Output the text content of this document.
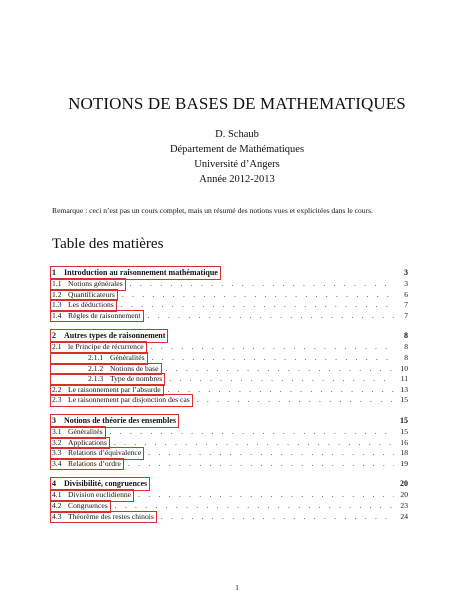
NOTIONS DE BASES DE MATHEMATIQUES
D. Schaub
Département de Mathématiques
Université d’Angers
Année 2012-2013
Remarque : ceci n’est pas un cours complet, mais un résumé des notions vues et explicitées dans le cours.
Table des matières
1 Introduction au raisonnement mathématique	3
1.1 Notions générales . . .	3
1.2 Quantificateurs . . .	6
1.3 Les déductions . . .	7
1.4 Règles de raisonnement . . .	7
2 Autres types de raisonnement	8
2.1 le Principe de récurrence . . .	8
2.1.1 Généralités . . .	8
2.1.2 Notions de base . . .	10
2.1.3 Type de nombres . . .	11
2.2 Le raisonnement par l’absurde . . .	13
2.3 Le raisonnement par disjonction des cas . . .	15
3 Notions de théorie des ensembles	15
3.1 Généralités . . .	15
3.2 Applications . . .	16
3.3 Relations d’équivalence . . .	18
3.4 Relations d’ordre . . .	19
4 Divisibilité, congruences	20
4.1 Division euclidienne . . .	20
4.2 Congruences . . .	23
4.3 Théorème des restes chinois . . .	24
1
